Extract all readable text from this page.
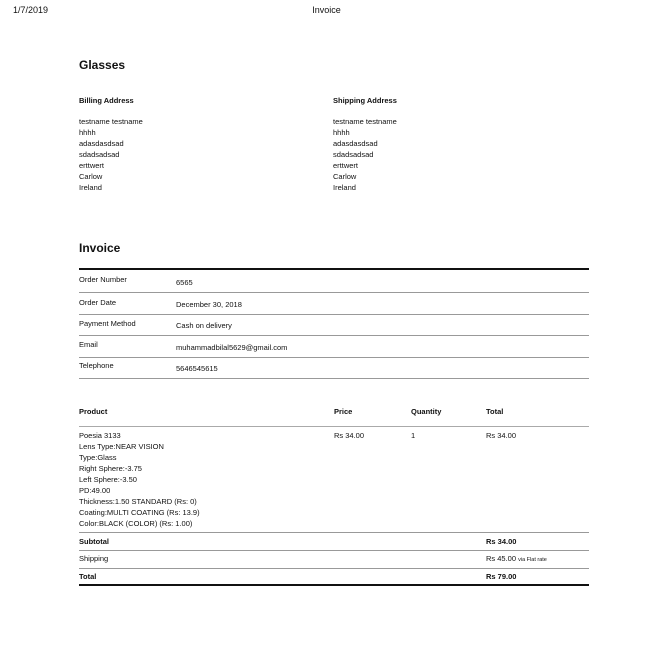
1/7/2019	Invoice
Glasses
Billing Address
testname testname
hhhh
adasdasdsad
sdadsadsad
erttwert
Carlow
Ireland
Shipping Address
testname testname
hhhh
adasdasdsad
sdadsadsad
erttwert
Carlow
Ireland
Invoice
Order Number	6565
Order Date	December 30, 2018
Payment Method	Cash on delivery
Email	muhammadbilal5629@gmail.com
Telephone	5646545615
Product	Price	Quantity	Total
Poesia 3133
Lens Type:NEAR VISION
Type:Glass
Right Sphere:-3.75
Left Sphere:-3.50
PD:49.00
Thickness:1.50 STANDARD (Rs: 0)
Coating:MULTI COATING (Rs: 13.9)
Color:BLACK (COLOR) (Rs: 1.00)
Rs 34.00	1	Rs 34.00
Subtotal	Rs 34.00
Shipping	Rs 45.00 via Flat rate
Total	Rs 79.00
